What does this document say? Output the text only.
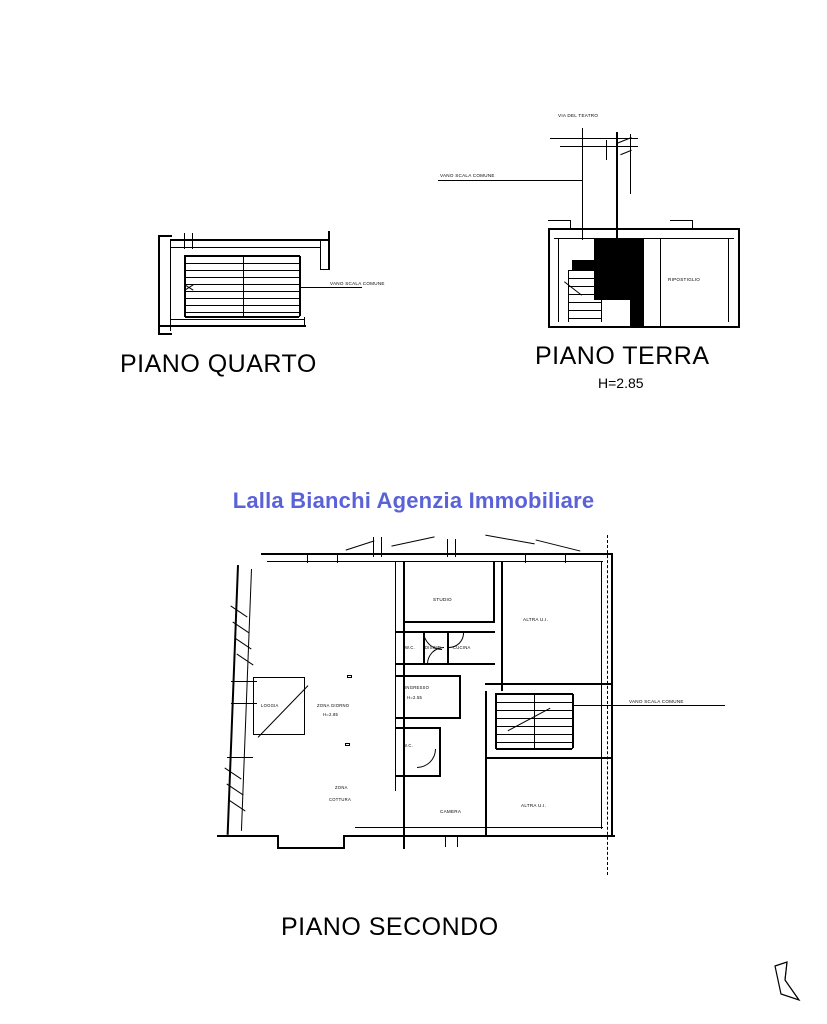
VANO SCALA COMUNE
PIANO QUARTO
VIA DEL TEATRO
VANO SCALA COMUNE
RIPOSTIGLIO
PIANO TERRA
H=2.85
Lalla Bianchi Agenzia Immobiliare
STUDIO
ALTRA U.I.
W.C. DISIMP.	CUCINA
INGRESSO
H=2.55
W.C.
CAMERA
VANO SCALA COMUNE
ALTRA U.I.
LOGGIA	ZONA GIORNO
H=2.85
ZONA
COTTURA
PIANO SECONDO
